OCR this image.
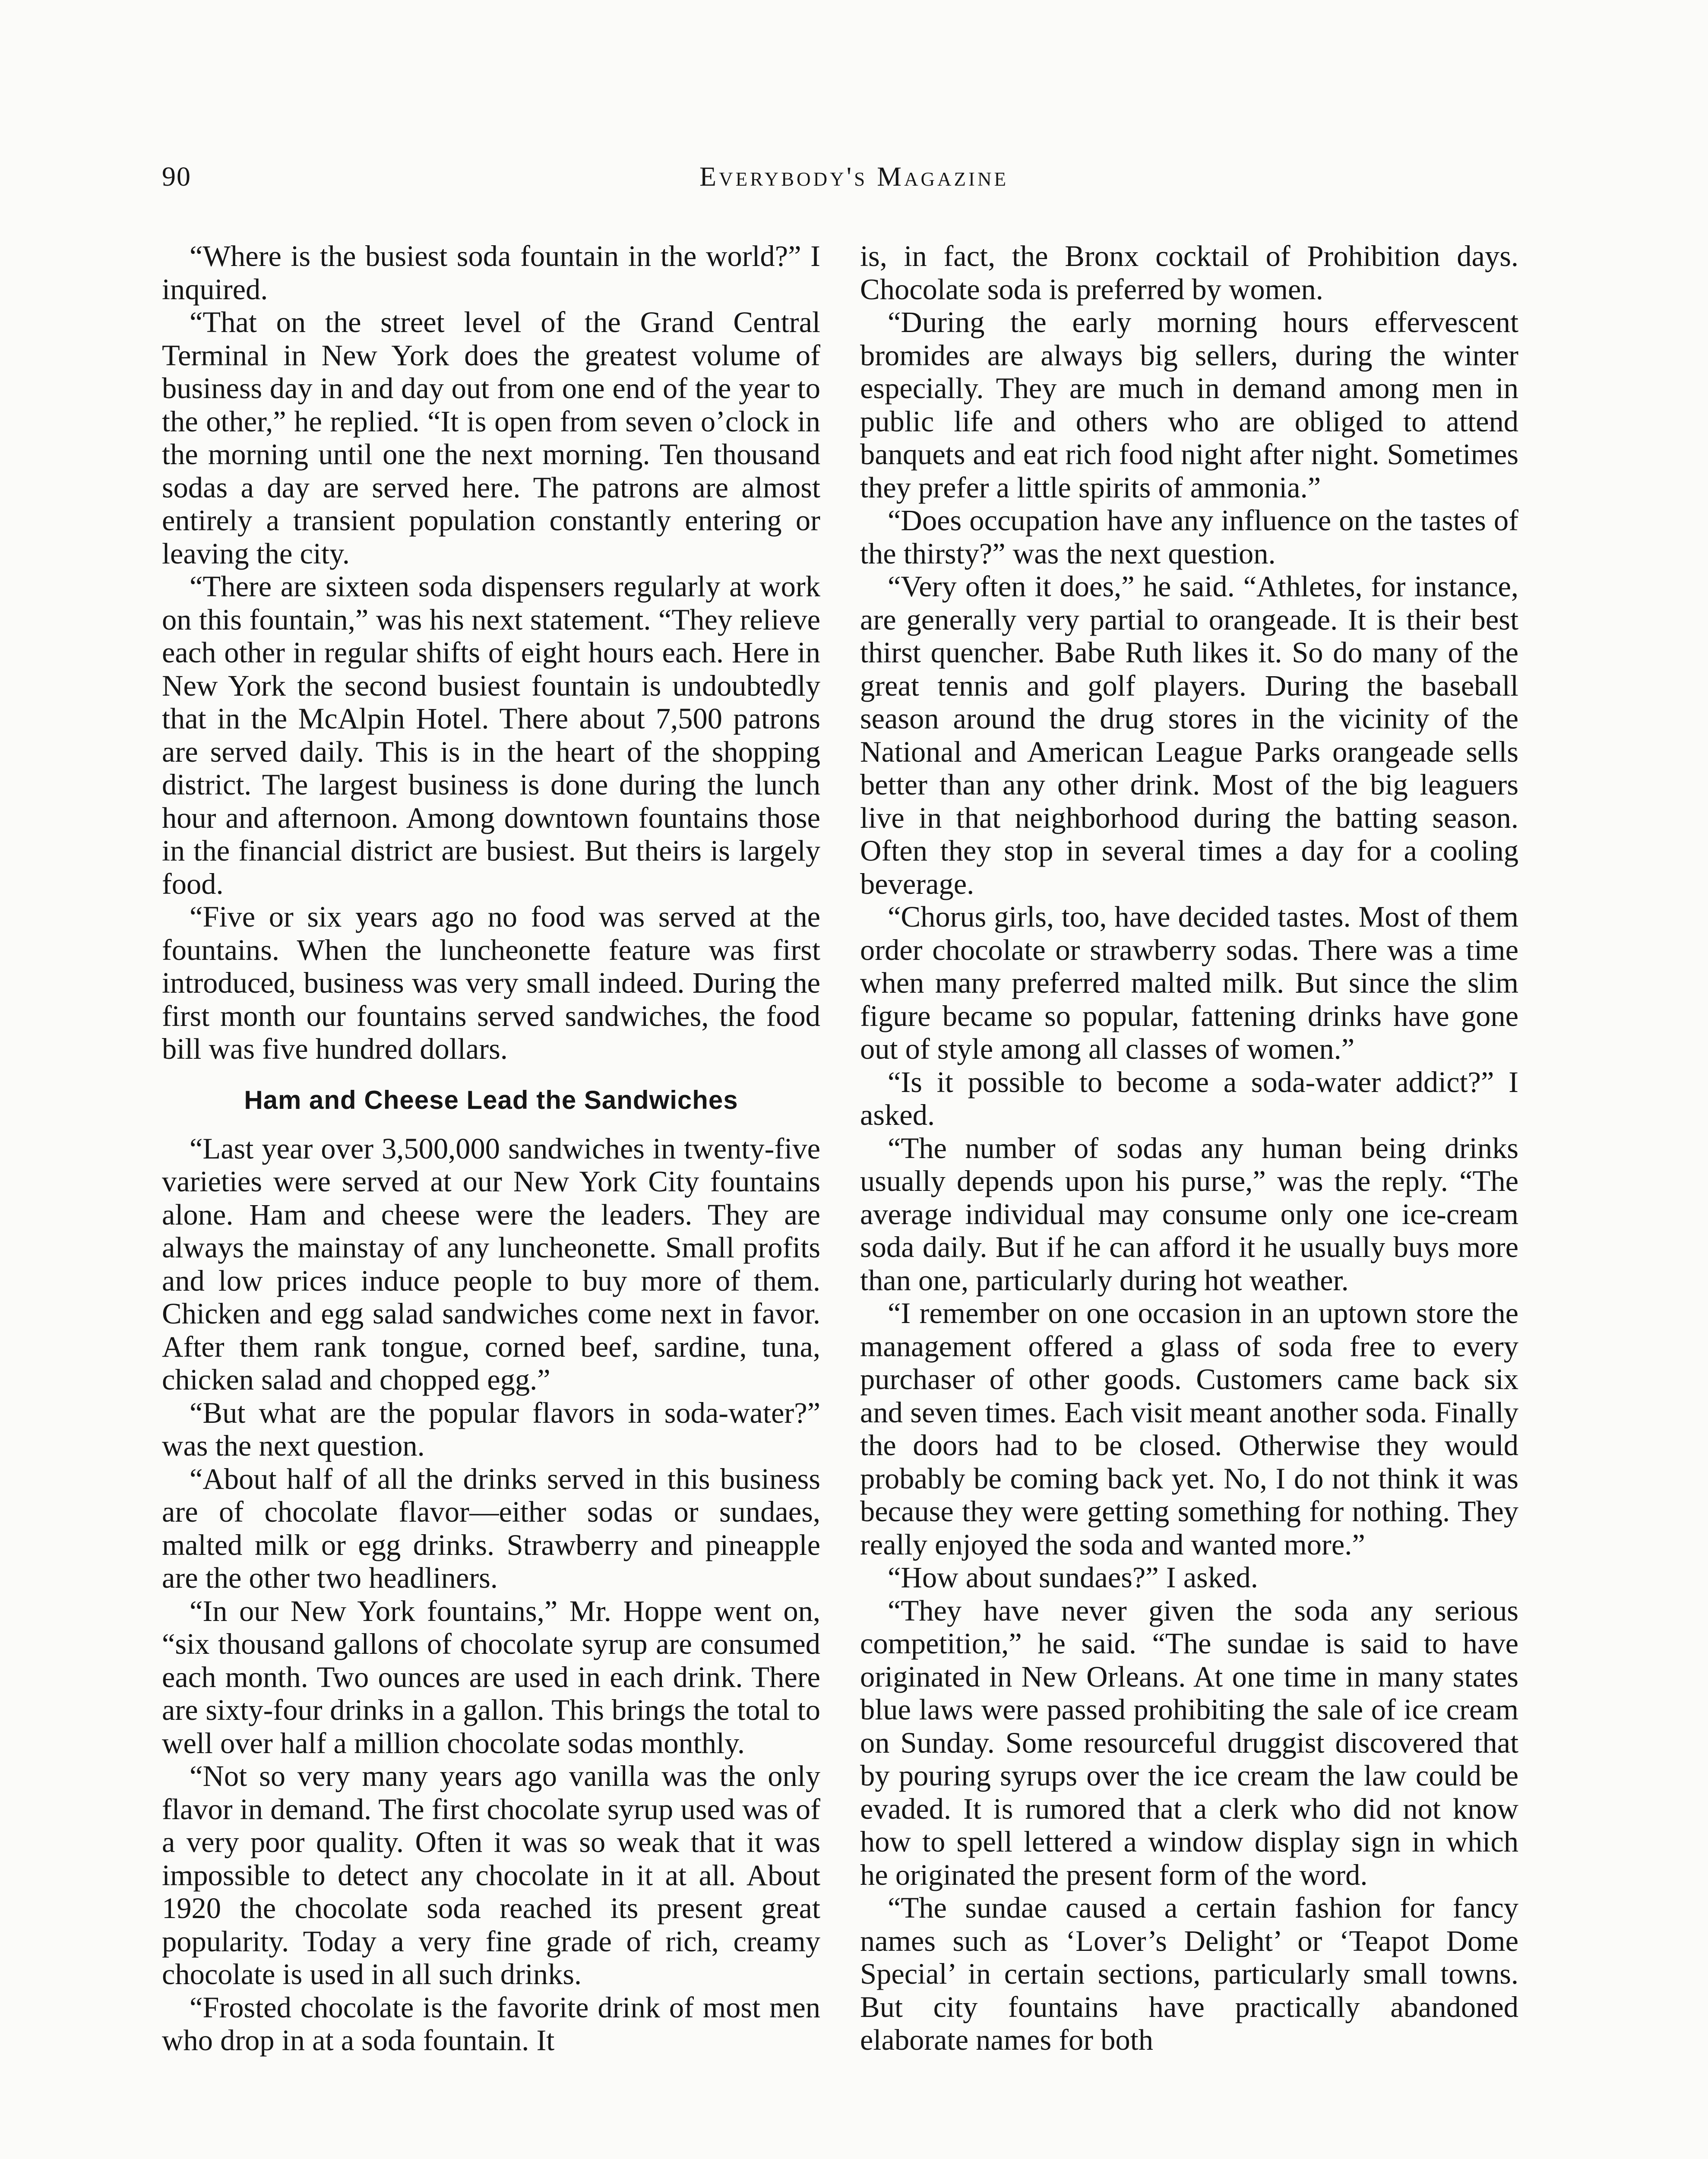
90	Everybody's Magazine

“Where is the busiest soda fountain in the world?” I inquired.

“That on the street level of the Grand Central Terminal in New York does the greatest volume of business day in and day out from one end of the year to the other,” he replied. “It is open from seven o’clock in the morning until one the next morning. Ten thousand sodas a day are served here. The patrons are almost entirely a transient population constantly entering or leaving the city.

“There are sixteen soda dispensers regularly at work on this fountain,” was his next statement. “They relieve each other in regular shifts of eight hours each. Here in New York the second busiest fountain is undoubtedly that in the McAlpin Hotel. There about 7,500 patrons are served daily. This is in the heart of the shopping district. The largest business is done during the lunch hour and afternoon. Among downtown fountains those in the financial district are busiest. But theirs is largely food.

“Five or six years ago no food was served at the fountains. When the luncheonette feature was first introduced, business was very small indeed. During the first month our fountains served sandwiches, the food bill was five hundred dollars.

Ham and Cheese Lead the Sandwiches

“Last year over 3,500,000 sandwiches in twenty-five varieties were served at our New York City fountains alone. Ham and cheese were the leaders. They are always the mainstay of any luncheonette. Small profits and low prices induce people to buy more of them. Chicken and egg salad sandwiches come next in favor. After them rank tongue, corned beef, sardine, tuna, chicken salad and chopped egg.”

“But what are the popular flavors in soda-water?” was the next question.

“About half of all the drinks served in this business are of chocolate flavor—either sodas or sundaes, malted milk or egg drinks. Strawberry and pineapple are the other two headliners.

“In our New York fountains,” Mr. Hoppe went on, “six thousand gallons of chocolate syrup are consumed each month. Two ounces are used in each drink. There are sixty-four drinks in a gallon. This brings the total to well over half a million chocolate sodas monthly.

“Not so very many years ago vanilla was the only flavor in demand. The first chocolate syrup used was of a very poor quality. Often it was so weak that it was impossible to detect any chocolate in it at all. About 1920 the chocolate soda reached its present great popularity. Today a very fine grade of rich, creamy chocolate is used in all such drinks.

“Frosted chocolate is the favorite drink of most men who drop in at a soda fountain. It

is, in fact, the Bronx cocktail of Prohibition days. Chocolate soda is preferred by women.

“During the early morning hours effervescent bromides are always big sellers, during the winter especially. They are much in demand among men in public life and others who are obliged to attend banquets and eat rich food night after night. Sometimes they prefer a little spirits of ammonia.”

“Does occupation have any influence on the tastes of the thirsty?” was the next question.

“Very often it does,” he said. “Athletes, for instance, are generally very partial to orangeade. It is their best thirst quencher. Babe Ruth likes it. So do many of the great tennis and golf players. During the baseball season around the drug stores in the vicinity of the National and American League Parks orangeade sells better than any other drink. Most of the big leaguers live in that neighborhood during the batting season. Often they stop in several times a day for a cooling beverage.

“Chorus girls, too, have decided tastes. Most of them order chocolate or strawberry sodas. There was a time when many preferred malted milk. But since the slim figure became so popular, fattening drinks have gone out of style among all classes of women.”

“Is it possible to become a soda-water addict?” I asked.

“The number of sodas any human being drinks usually depends upon his purse,” was the reply. “The average individual may consume only one ice-cream soda daily. But if he can afford it he usually buys more than one, particularly during hot weather.

“I remember on one occasion in an uptown store the management offered a glass of soda free to every purchaser of other goods. Customers came back six and seven times. Each visit meant another soda. Finally the doors had to be closed. Otherwise they would probably be coming back yet. No, I do not think it was because they were getting something for nothing. They really enjoyed the soda and wanted more.”

“How about sundaes?” I asked.

“They have never given the soda any serious competition,” he said. “The sundae is said to have originated in New Orleans. At one time in many states blue laws were passed prohibiting the sale of ice cream on Sunday. Some resourceful druggist discovered that by pouring syrups over the ice cream the law could be evaded. It is rumored that a clerk who did not know how to spell lettered a window display sign in which he originated the present form of the word.

“The sundae caused a certain fashion for fancy names such as ‘Lover’s Delight’ or ‘Teapot Dome Special’ in certain sections, particularly small towns. But city fountains have practically abandoned elaborate names for both
